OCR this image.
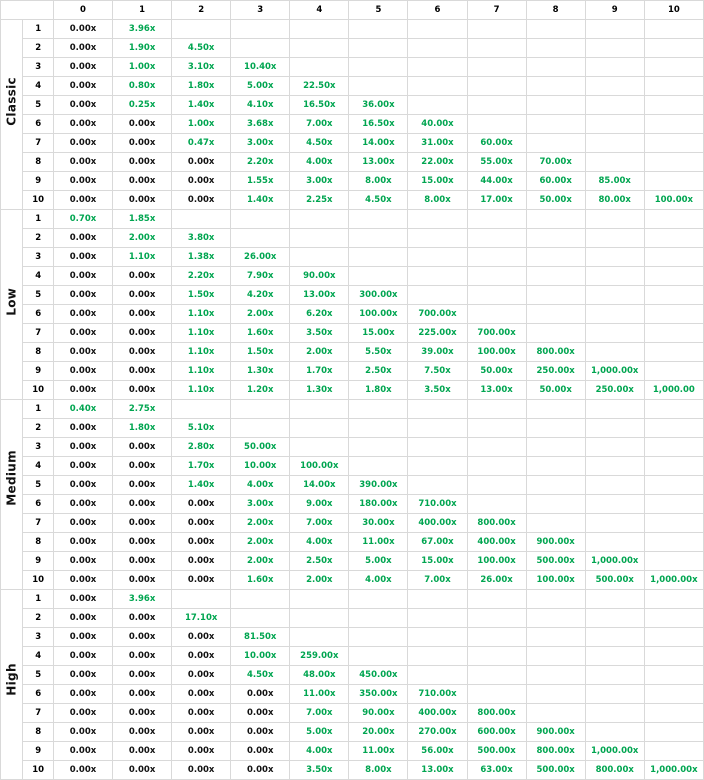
		0	1	2	3	4	5	6	7	8	9	10

Classic	1	0.00x	3.96x									
	2	0.00x	1.90x	4.50x								
	3	0.00x	1.00x	3.10x	10.40x							
	4	0.00x	0.80x	1.80x	5.00x	22.50x						
	5	0.00x	0.25x	1.40x	4.10x	16.50x	36.00x					
	6	0.00x	0.00x	1.00x	3.68x	7.00x	16.50x	40.00x				
	7	0.00x	0.00x	0.47x	3.00x	4.50x	14.00x	31.00x	60.00x			
	8	0.00x	0.00x	0.00x	2.20x	4.00x	13.00x	22.00x	55.00x	70.00x		
	9	0.00x	0.00x	0.00x	1.55x	3.00x	8.00x	15.00x	44.00x	60.00x	85.00x	
	10	0.00x	0.00x	0.00x	1.40x	2.25x	4.50x	8.00x	17.00x	50.00x	80.00x	100.00x

Low	1	0.70x	1.85x									
	2	0.00x	2.00x	3.80x								
	3	0.00x	1.10x	1.38x	26.00x							
	4	0.00x	0.00x	2.20x	7.90x	90.00x						
	5	0.00x	0.00x	1.50x	4.20x	13.00x	300.00x					
	6	0.00x	0.00x	1.10x	2.00x	6.20x	100.00x	700.00x				
	7	0.00x	0.00x	1.10x	1.60x	3.50x	15.00x	225.00x	700.00x			
	8	0.00x	0.00x	1.10x	1.50x	2.00x	5.50x	39.00x	100.00x	800.00x		
	9	0.00x	0.00x	1.10x	1.30x	1.70x	2.50x	7.50x	50.00x	250.00x	1,000.00x	
	10	0.00x	0.00x	1.10x	1.20x	1.30x	1.80x	3.50x	13.00x	50.00x	250.00x	1,000.00

Medium	1	0.40x	2.75x									
	2	0.00x	1.80x	5.10x								
	3	0.00x	0.00x	2.80x	50.00x							
	4	0.00x	0.00x	1.70x	10.00x	100.00x						
	5	0.00x	0.00x	1.40x	4.00x	14.00x	390.00x					
	6	0.00x	0.00x	0.00x	3.00x	9.00x	180.00x	710.00x				
	7	0.00x	0.00x	0.00x	2.00x	7.00x	30.00x	400.00x	800.00x			
	8	0.00x	0.00x	0.00x	2.00x	4.00x	11.00x	67.00x	400.00x	900.00x		
	9	0.00x	0.00x	0.00x	2.00x	2.50x	5.00x	15.00x	100.00x	500.00x	1,000.00x	
	10	0.00x	0.00x	0.00x	1.60x	2.00x	4.00x	7.00x	26.00x	100.00x	500.00x	1,000.00x

High	1	0.00x	3.96x									
	2	0.00x	0.00x	17.10x								
	3	0.00x	0.00x	0.00x	81.50x							
	4	0.00x	0.00x	0.00x	10.00x	259.00x						
	5	0.00x	0.00x	0.00x	4.50x	48.00x	450.00x					
	6	0.00x	0.00x	0.00x	0.00x	11.00x	350.00x	710.00x				
	7	0.00x	0.00x	0.00x	0.00x	7.00x	90.00x	400.00x	800.00x			
	8	0.00x	0.00x	0.00x	0.00x	5.00x	20.00x	270.00x	600.00x	900.00x		
	9	0.00x	0.00x	0.00x	0.00x	4.00x	11.00x	56.00x	500.00x	800.00x	1,000.00x	
	10	0.00x	0.00x	0.00x	0.00x	3.50x	8.00x	13.00x	63.00x	500.00x	800.00x	1,000.00x
